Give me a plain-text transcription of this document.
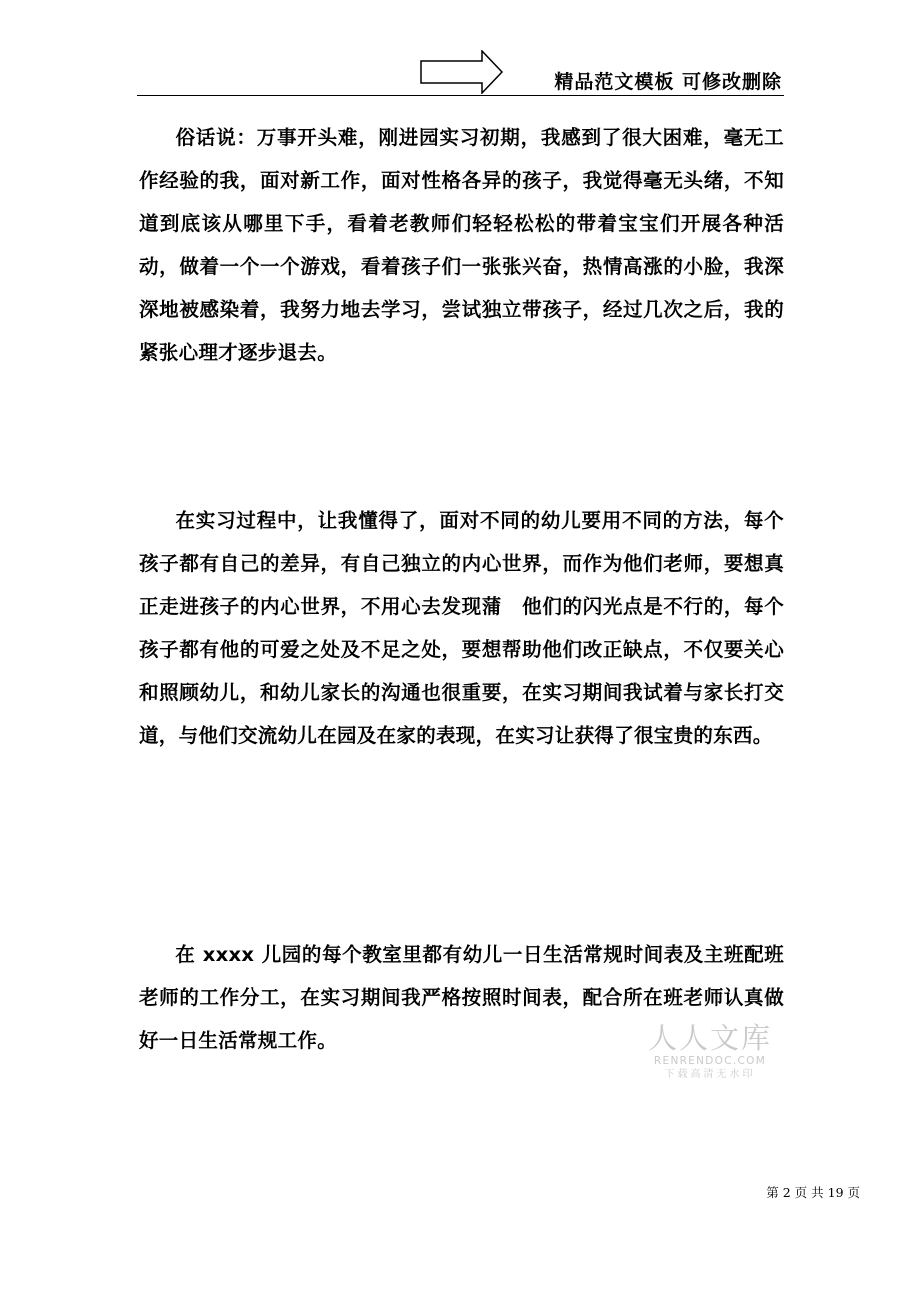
精品范文模板 可修改删除

俗话说：万事开头难，刚进园实习初期，我感到了很大困难，毫无工作经验的我，面对新工作，面对性格各异的孩子，我觉得毫无头绪，不知道到底该从哪里下手，看着老教师们轻轻松松的带着宝宝们开展各种活动，做着一个一个游戏，看着孩子们一张张兴奋，热情高涨的小脸，我深深地被感染着，我努力地去学习，尝试独立带孩子，经过几次之后，我的紧张心理才逐步退去。

在实习过程中，让我懂得了，面对不同的幼儿要用不同的方法，每个孩子都有自己的差异，有自己独立的内心世界，而作为他们老师，要想真正走进孩子的内心世界，不用心去发现蒲　他们的闪光点是不行的，每个孩子都有他的可爱之处及不足之处，要想帮助他们改正缺点，不仅要关心和照顾幼儿，和幼儿家长的沟通也很重要，在实习期间我试着与家长打交道，与他们交流幼儿在园及在家的表现，在实习让获得了很宝贵的东西。

在 xxxx 儿园的每个教室里都有幼儿一日生活常规时间表及主班配班老师的工作分工，在实习期间我严格按照时间表，配合所在班老师认真做好一日生活常规工作。	人人文库
RENRENDOC.COM
下载高清无水印
第 2 页 共 19 页
